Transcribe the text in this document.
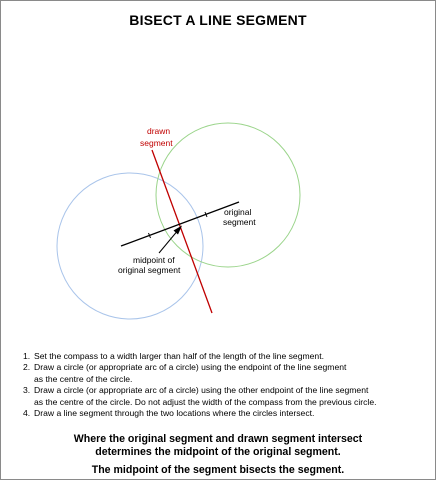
BISECT A LINE SEGMENT
drawn
segment
original
segment
midpoint of
original segment
1. Set the compass to a width larger than half of the length of the line segment.
2. Draw a circle (or appropriate arc of a circle) using the endpoint of the line segment
as the centre of the circle.
3. Draw a circle (or appropriate arc of a circle) using the other endpoint of the line segment
as the centre of the circle. Do not adjust the width of the compass from the previous circle.
4. Draw a line segment through the two locations where the circles intersect.
Where the original segment and drawn segment intersect
determines the midpoint of the original segment.
The midpoint of the segment bisects the segment.
